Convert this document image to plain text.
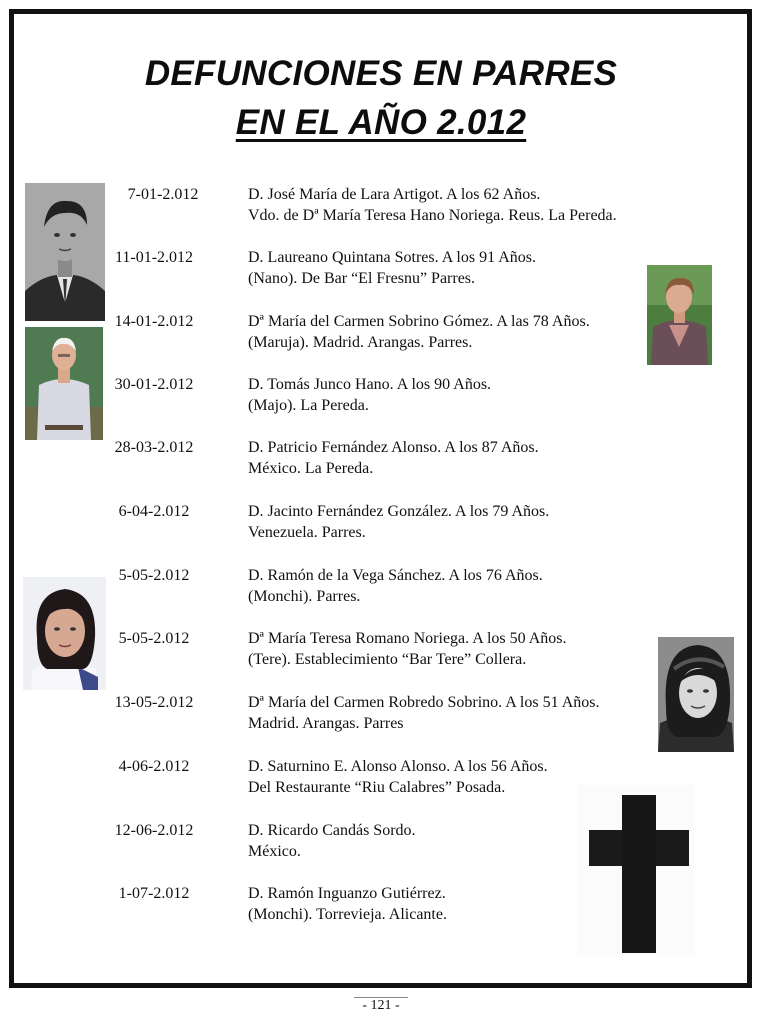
DEFUNCIONES EN PARRES
EN EL AÑO 2.012
7-01-2.012	D. José María de Lara Artigot. A los 62 Años.
Vdo. de Dª María Teresa Hano Noriega. Reus. La Pereda.
11-01-2.012	D. Laureano Quintana Sotres. A los 91 Años.
(Nano). De Bar “El Fresnu” Parres.
14-01-2.012	Dª María del Carmen Sobrino Gómez. A las 78 Años.
(Maruja). Madrid. Arangas. Parres.
30-01-2.012	D. Tomás Junco Hano. A los 90 Años.
(Majo). La Pereda.
28-03-2.012	D. Patricio Fernández Alonso. A los 87 Años.
México. La Pereda.
6-04-2.012	D. Jacinto Fernández González. A los 79 Años.
Venezuela. Parres.
5-05-2.012	D. Ramón de la Vega Sánchez. A los 76 Años.
(Monchi). Parres.
5-05-2.012	Dª María Teresa Romano Noriega. A los 50 Años.
(Tere). Establecimiento “Bar Tere” Collera.
13-05-2.012	Dª María del Carmen Robredo Sobrino. A los 51 Años.
Madrid. Arangas. Parres
4-06-2.012	D. Saturnino E. Alonso Alonso. A los 56 Años.
Del Restaurante “Riu Calabres” Posada.
12-06-2.012	D. Ricardo Candás Sordo.
México.
1-07-2.012	D. Ramón Inguanzo Gutiérrez.
(Monchi). Torrevieja. Alicante.
- 121 -
